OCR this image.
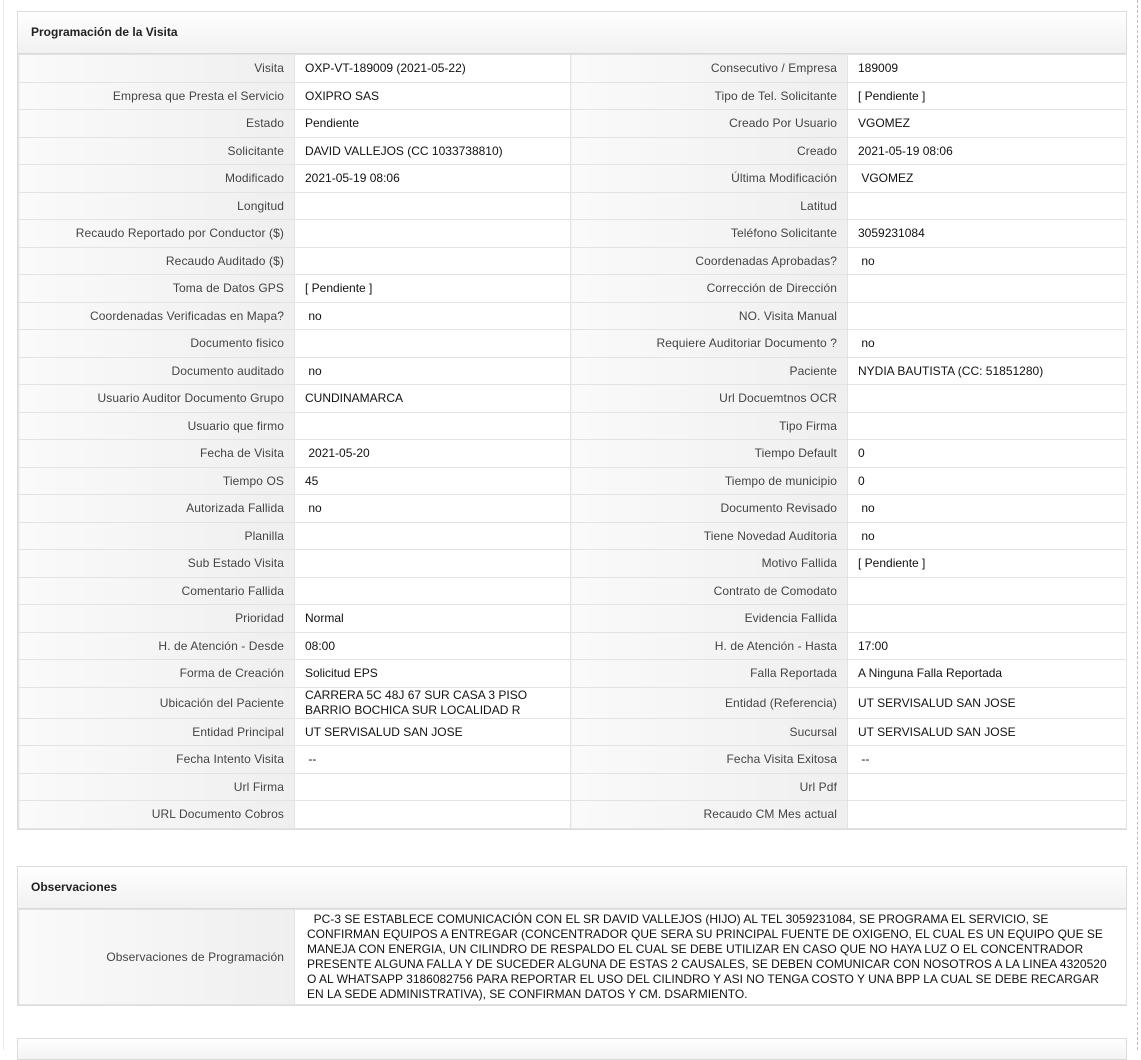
Programación de la Visita
Visita	OXP-VT-189009 (2021-05-22)	Consecutivo / Empresa	189009
Empresa que Presta el Servicio	OXIPRO SAS	Tipo de Tel. Solicitante	[ Pendiente ]
Estado	Pendiente	Creado Por Usuario	VGOMEZ
Solicitante	DAVID VALLEJOS (CC 1033738810)	Creado	2021-05-19 08:06
Modificado	2021-05-19 08:06	Última Modificación	VGOMEZ
Longitud		Latitud	
Recaudo Reportado por Conductor ($)		Teléfono Solicitante	3059231084
Recaudo Auditado ($)		Coordenadas Aprobadas?	no
Toma de Datos GPS	[ Pendiente ]	Corrección de Dirección	
Coordenadas Verificadas en Mapa?	no	NO. Visita Manual	
Documento fisico		Requiere Auditoriar Documento ?	no
Documento auditado	no	Paciente	NYDIA BAUTISTA (CC: 51851280)
Usuario Auditor Documento Grupo	CUNDINAMARCA	Url Docuemtnos OCR	
Usuario que firmo		Tipo Firma	
Fecha de Visita	2021-05-20	Tiempo Default	0
Tiempo OS	45	Tiempo de municipio	0
Autorizada Fallida	no	Documento Revisado	no
Planilla		Tiene Novedad Auditoria	no
Sub Estado Visita		Motivo Fallida	[ Pendiente ]
Comentario Fallida		Contrato de Comodato	
Prioridad	Normal	Evidencia Fallida	
H. de Atención - Desde	08:00	H. de Atención - Hasta	17:00
Forma de Creación	Solicitud EPS	Falla Reportada	A Ninguna Falla Reportada
Ubicación del Paciente	CARRERA 5C 48J 67 SUR CASA 3 PISO BARRIO BOCHICA SUR LOCALIDAD R	Entidad (Referencia)	UT SERVISALUD SAN JOSE
Entidad Principal	UT SERVISALUD SAN JOSE	Sucursal	UT SERVISALUD SAN JOSE
Fecha Intento Visita	--	Fecha Visita Exitosa	--
Url Firma		Url Pdf	
URL Documento Cobros		Recaudo CM Mes actual	
Observaciones
Observaciones de Programación	PC-3 SE ESTABLECE COMUNICACIÓN CON EL SR DAVID VALLEJOS (HIJO) AL TEL 3059231084, SE PROGRAMA EL SERVICIO, SE CONFIRMAN EQUIPOS A ENTREGAR (CONCENTRADOR QUE SERA SU PRINCIPAL FUENTE DE OXIGENO, EL CUAL ES UN EQUIPO QUE SE MANEJA CON ENERGIA, UN CILINDRO DE RESPALDO EL CUAL SE DEBE UTILIZAR EN CASO QUE NO HAYA LUZ O EL CONCENTRADOR PRESENTE ALGUNA FALLA Y DE SUCEDER ALGUNA DE ESTAS 2 CAUSALES, SE DEBEN COMUNICAR CON NOSOTROS A LA LINEA 4320520 O AL WHATSAPP 3186082756 PARA REPORTAR EL USO DEL CILINDRO Y ASI NO TENGA COSTO Y UNA BPP LA CUAL SE DEBE RECARGAR EN LA SEDE ADMINISTRATIVA), SE CONFIRMAN DATOS Y CM. DSARMIENTO.
